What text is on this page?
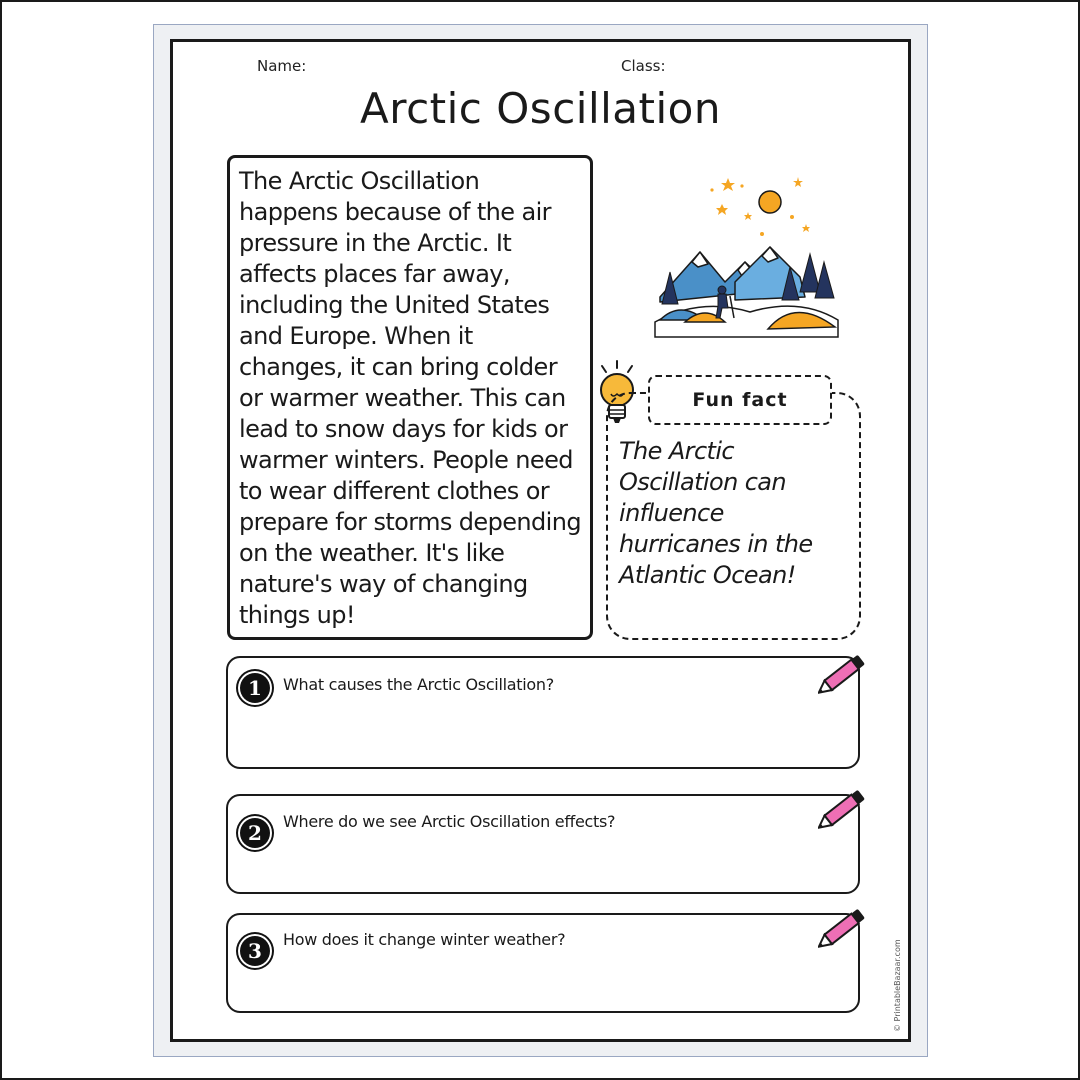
Name:	Class:
Arctic Oscillation
The Arctic Oscillation happens because of the air pressure in the Arctic. It affects places far away, including the United States and Europe. When it changes, it can bring colder or warmer weather. This can lead to snow days for kids or warmer winters. People need to wear different clothes or prepare for storms depending on the weather. It's like nature's way of changing things up!
Fun fact
The Arctic Oscillation can influence hurricanes in the Atlantic Ocean!
1	What causes the Arctic Oscillation?
2	Where do we see Arctic Oscillation effects?
3	How does it change winter weather?	© PrintableBazaar.com
